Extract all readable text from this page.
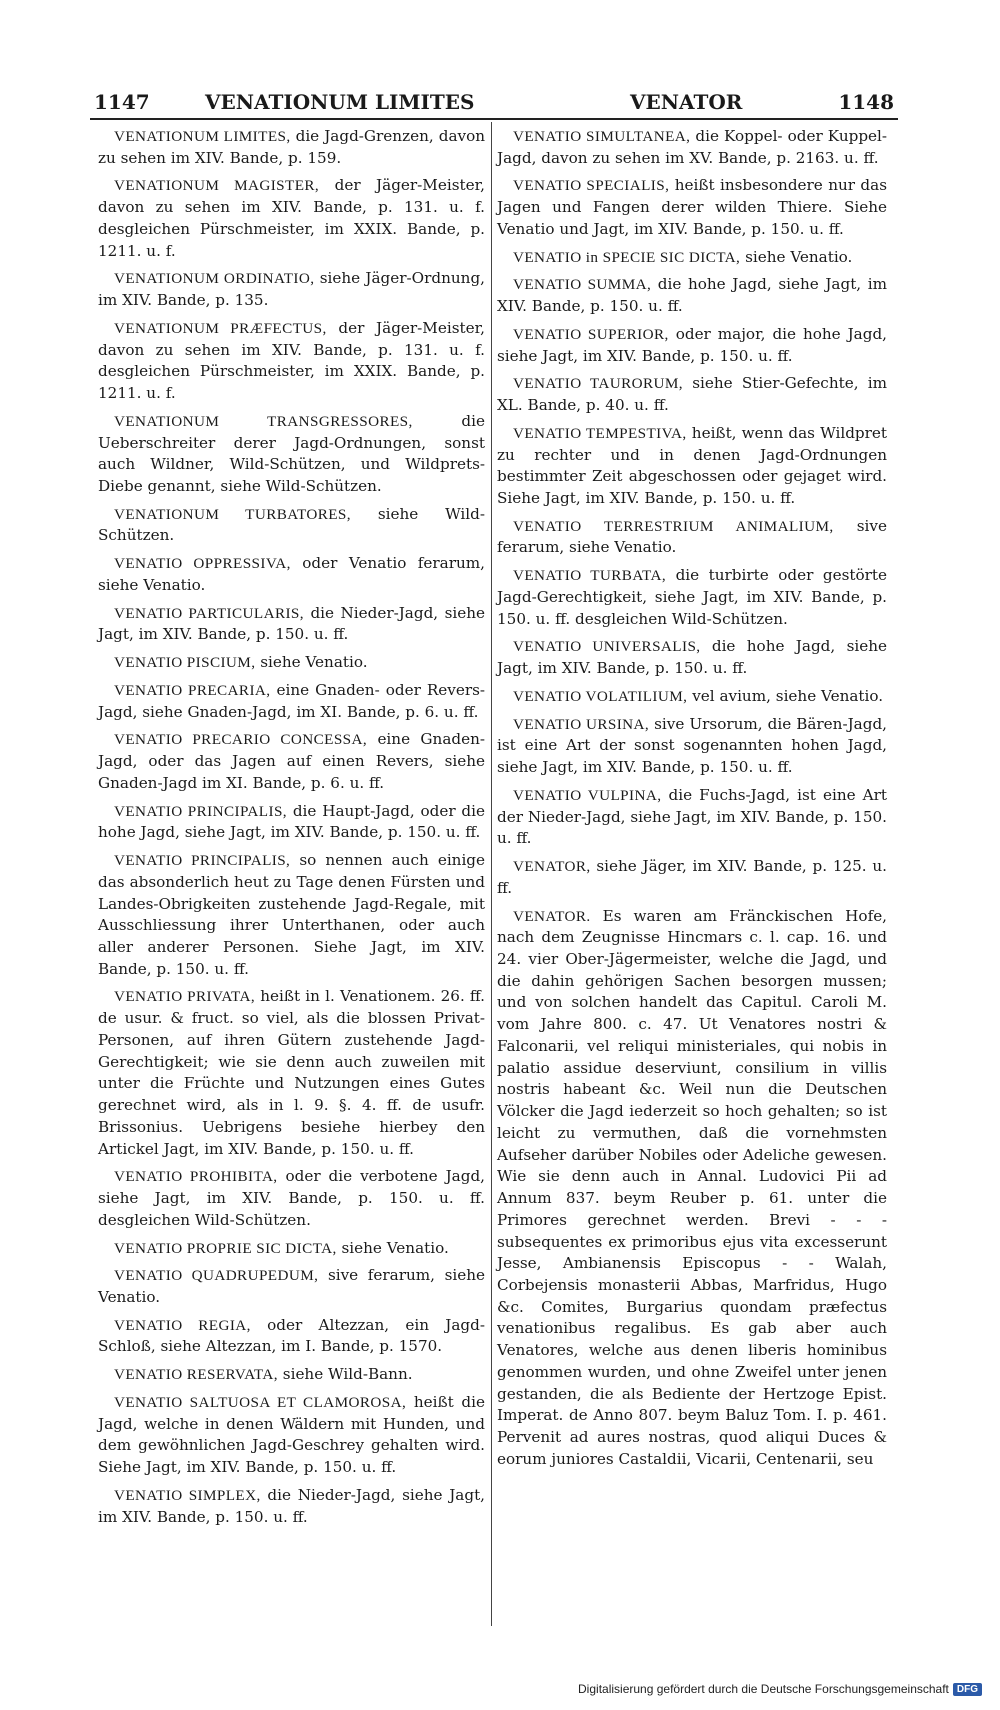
1147	VENATIONUM LIMITES	VENATOR	1148

VENATIONUM LIMITES, die Jagd-Grenzen, davon zu sehen im XIV. Bande, p. 159.

VENATIONUM MAGISTER, der Jäger-Meister, davon zu sehen im XIV. Bande, p. 131. u. f. desgleichen Pürschmeister, im XXIX. Bande, p. 1211. u. f.

VENATIONUM ORDINATIO, siehe Jäger-Ordnung, im XIV. Bande, p. 135.

VENATIONUM PRÆFECTUS, der Jäger-Meister, davon zu sehen im XIV. Bande, p. 131. u. f. desgleichen Pürschmeister, im XXIX. Bande, p. 1211. u. f.

VENATIONUM TRANSGRESSORES,	die Ueberschreiter derer Jagd-Ordnungen, sonst auch Wildner, Wild-Schützen, und Wildprets-Diebe genannt, siehe Wild-Schützen.

VENATIONUM TURBATORES, siehe Wild-Schützen.

VENATIO OPPRESSIVA, oder Venatio ferarum, siehe Venatio.

VENATIO PARTICULARIS, die Nieder-Jagd, siehe Jagt, im XIV. Bande, p. 150. u. ff.

VENATIO PISCIUM, siehe Venatio.

VENATIO PRECARIA, eine Gnaden- oder Revers-Jagd, siehe Gnaden-Jagd, im XI. Bande, p. 6. u. ff.

VENATIO PRECARIO CONCESSA, eine Gnaden-Jagd, oder das Jagen auf einen Revers, siehe Gnaden-Jagd im XI. Bande, p. 6. u. ff.

VENATIO PRINCIPALIS, die Haupt-Jagd, oder die hohe Jagd, siehe Jagt, im XIV. Bande, p. 150. u. ff.

VENATIO PRINCIPALIS, so nennen auch einige das absonderlich heut zu Tage denen Fürsten und Landes-Obrigkeiten zustehende Jagd-Regale, mit Ausschliessung ihrer Unterthanen, oder auch aller anderer Personen. Siehe Jagt, im XIV. Bande, p. 150. u. ff.

VENATIO PRIVATA, heißt in l. Venationem. 26. ff. de usur. & fruct. so viel, als die blossen Privat-Personen, auf ihren Gütern zustehende Jagd-Gerechtigkeit; wie sie denn auch zuweilen mit unter die Früchte und Nutzungen eines Gutes gerechnet wird, als in l. 9. §. 4. ff. de usufr. Brissonius. Uebrigens besiehe hierbey den Artickel Jagt, im XIV. Bande, p. 150. u. ff.

VENATIO PROHIBITA, oder die verbotene Jagd, siehe Jagt, im XIV. Bande, p. 150. u. ff. desgleichen Wild-Schützen.

VENATIO PROPRIE SIC DICTA, siehe Venatio.

VENATIO QUADRUPEDUM, sive ferarum, siehe Venatio.

VENATIO REGIA, oder Altezzan, ein Jagd-Schloß, siehe Altezzan, im I. Bande, p. 1570.

VENATIO RESERVATA, siehe Wild-Bann.

VENATIO SALTUOSA ET CLAMOROSA, heißt die Jagd, welche in denen Wäldern mit Hunden, und dem gewöhnlichen Jagd-Geschrey gehalten wird. Siehe Jagt, im XIV. Bande, p. 150. u. ff.

VENATIO SIMPLEX, die Nieder-Jagd, siehe Jagt, im XIV. Bande, p. 150. u. ff.

VENATIO SIMULTANEA, die Koppel- oder Kuppel-Jagd, davon zu sehen im XV. Bande, p. 2163. u. ff.

VENATIO SPECIALIS, heißt insbesondere nur das Jagen und Fangen derer wilden Thiere. Siehe Venatio und Jagt, im XIV. Bande, p. 150. u. ff.

VENATIO in SPECIE SIC DICTA, siehe Venatio.

VENATIO SUMMA, die hohe Jagd, siehe Jagt, im XIV. Bande, p. 150. u. ff.

VENATIO SUPERIOR, oder major, die hohe Jagd, siehe Jagt, im XIV. Bande, p. 150. u. ff.

VENATIO TAURORUM, siehe Stier-Gefechte, im XL. Bande, p. 40. u. ff.

VENATIO TEMPESTIVA, heißt, wenn das Wildpret zu rechter und in denen Jagd-Ordnungen bestimmter Zeit abgeschossen oder gejaget wird. Siehe Jagt, im XIV. Bande, p. 150. u. ff.

VENATIO TERRESTRIUM ANIMALIUM, sive ferarum, siehe Venatio.

VENATIO TURBATA, die turbirte oder gestörte Jagd-Gerechtigkeit, siehe Jagt, im XIV. Bande, p. 150. u. ff. desgleichen Wild-Schützen.

VENATIO UNIVERSALIS, die hohe Jagd, siehe Jagt, im XIV. Bande, p. 150. u. ff.

VENATIO VOLATILIUM, vel avium, siehe Venatio.

VENATIO URSINA, sive Ursorum, die Bären-Jagd, ist eine Art der sonst sogenannten hohen Jagd, siehe Jagt, im XIV. Bande, p. 150. u. ff.

VENATIO VULPINA, die Fuchs-Jagd, ist eine Art der Nieder-Jagd, siehe Jagt, im XIV. Bande, p. 150. u. ff.

VENATOR, siehe Jäger, im XIV. Bande, p. 125. u. ff.

VENATOR. Es waren am Fränckischen Hofe, nach dem Zeugnisse Hincmars c. l. cap. 16. und 24. vier Ober-Jägermeister, welche die Jagd, und die dahin gehörigen Sachen besorgen mussen; und von solchen handelt das Capitul. Caroli M. vom Jahre 800. c. 47. Ut Venatores nostri & Falconarii, vel reliqui ministeriales, qui nobis in palatio assidue deserviunt, consilium in villis nostris habeant &c. Weil nun die Deutschen Völcker die Jagd iederzeit so hoch gehalten; so ist leicht zu vermuthen, daß die vornehmsten Aufseher darüber Nobiles oder Adeliche gewesen. Wie sie denn auch in Annal. Ludovici Pii ad Annum 837. beym Reuber p. 61. unter die Primores gerechnet werden. Brevi - - - subsequentes ex primoribus ejus vita excesserunt Jesse, Ambianensis Episcopus - - Walah, Corbejensis monasterii Abbas, Marfridus, Hugo &c. Comites, Burgarius quondam præfectus venationibus regalibus. Es gab aber auch Venatores, welche aus denen liberis hominibus genommen wurden, und ohne Zweifel unter jenen gestanden, die als Bediente der Hertzoge Epist. Imperat. de Anno 807. beym Baluz Tom. I. p. 461. Pervenit ad aures nostras, quod aliqui Duces & eorum juniores Castaldii, Vicarii, Centenarii, seu

Digitalisierung gefördert durch die Deutsche Forschungsgemeinschaft DFG
